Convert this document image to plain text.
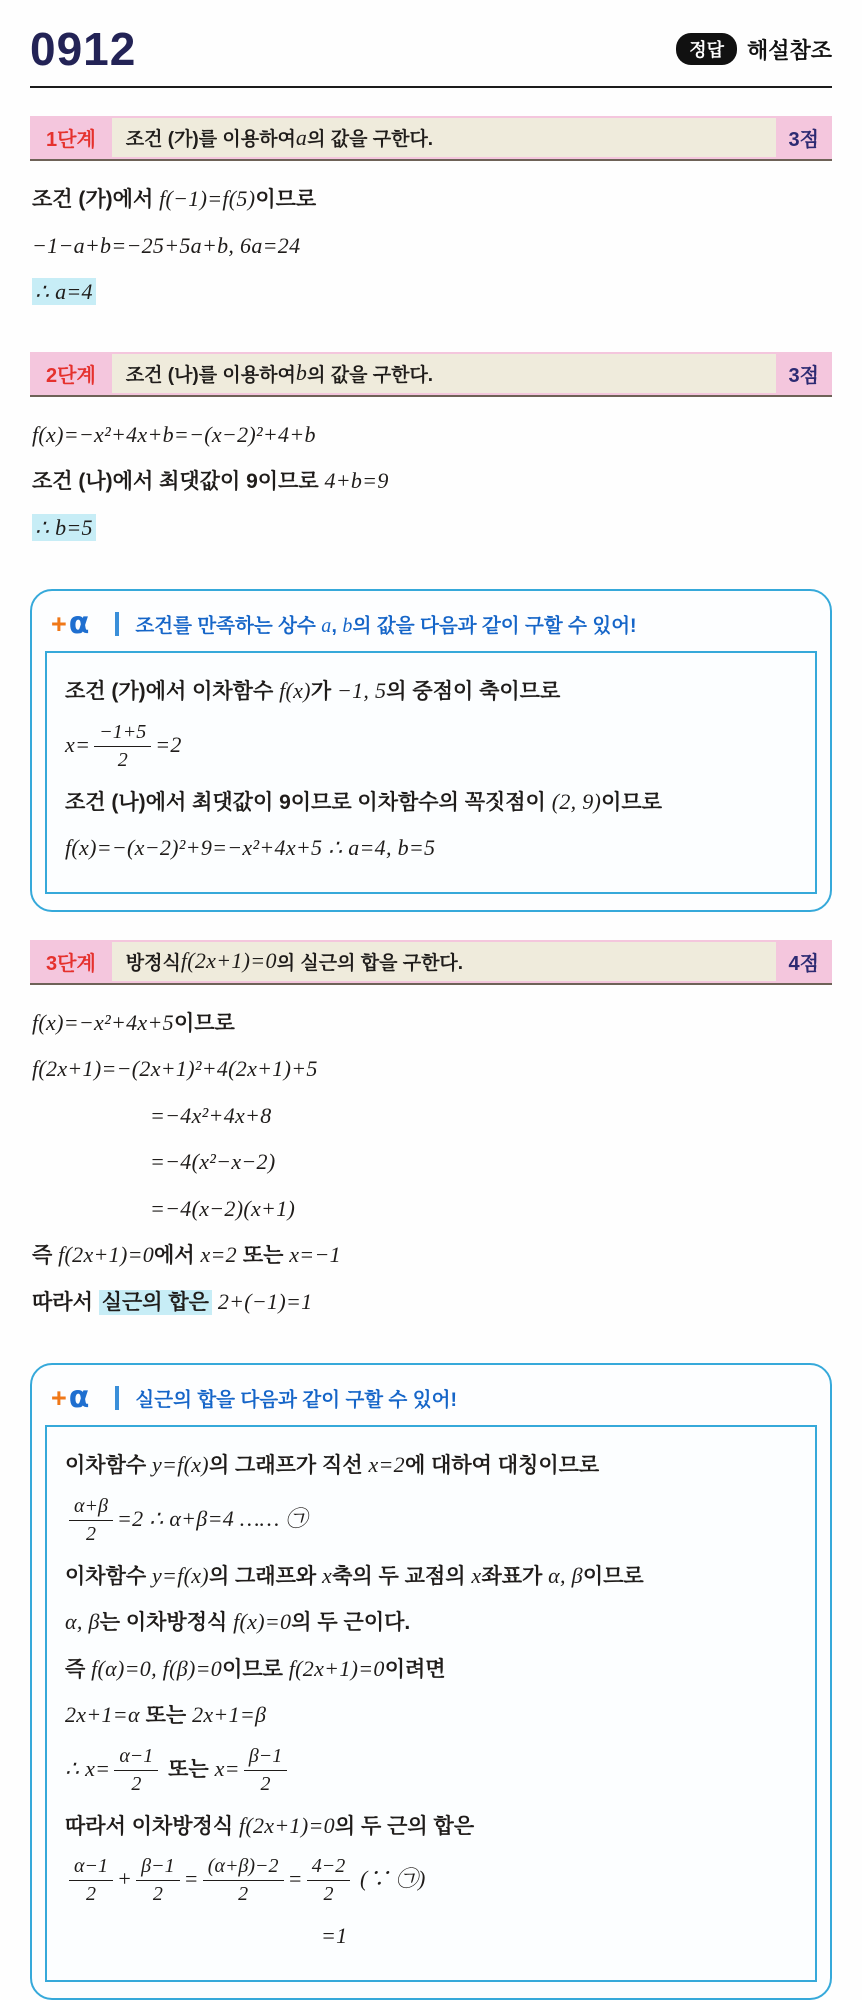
0912	정답	해설참조
1단계	조건 (가)를 이용하여 a 의 값을 구한다.	3점
조건 (가)에서 f(−1)=f(5)이므로
−1−a+b=−25+5a+b, 6a=24
∴ a=4
2단계	조건 (나)를 이용하여 b 의 값을 구한다.	3점
f(x)=−x²+4x+b=−(x−2)²+4+b
조건 (나)에서 최댓값이 9이므로 4+b=9
∴ b=5
+ α 조건를 만족하는 상수 a, b의 값을 다음과 같이 구할 수 있어!
조건 (가)에서 이차함수 f(x)가 −1, 5의 중점이 축이므로
$x= \frac{-1+5}{2} =2$
조건 (나)에서 최댓값이 9이므로 이차함수의 꼭짓점이 (2, 9)이므로
f(x)=−(x−2)²+9=−x²+4x+5 ∴ a=4, b=5
3단계	방정식 f(2x+1)=0 의 실근의 합을 구한다.	4점
f(x)=−x²+4x+5이므로
f(2x+1)=−(2x+1)²+4(2x+1)+5
=−4x²+4x+8
=−4(x²−x−2)
=−4(x−2)(x+1)
즉 f(2x+1)=0에서 x=2 또는 x=−1
따라서 실근의 합은 2+(−1)=1
+ α 실근의 합을 다음과 같이 구할 수 있어!
이차함수 y=f(x)의 그래프가 직선 x=2에 대하여 대칭이므로
$\frac{\alpha+\beta}{2} =2$ ∴ α+β=4 …… ㉠
이차함수 y=f(x)의 그래프와 x축의 두 교점의 x좌표가 α, β이므로
α, β는 이차방정식 f(x)=0의 두 근이다.
즉 f(α)=0, f(β)=0이므로 f(2x+1)=0이려면
2x+1=α 또는 2x+1=β
∴ $x= \frac{\alpha-1}{2}$ 또는 $x= \frac{\beta-1}{2}$
따라서 이차방정식 f(2x+1)=0의 두 근의 합은
$\frac{\alpha-1}{2} + \frac{\beta-1}{2} = \frac{(\alpha+\beta)-2}{2} = \frac{4-2}{2}$ (∵ ㉠)
=1
